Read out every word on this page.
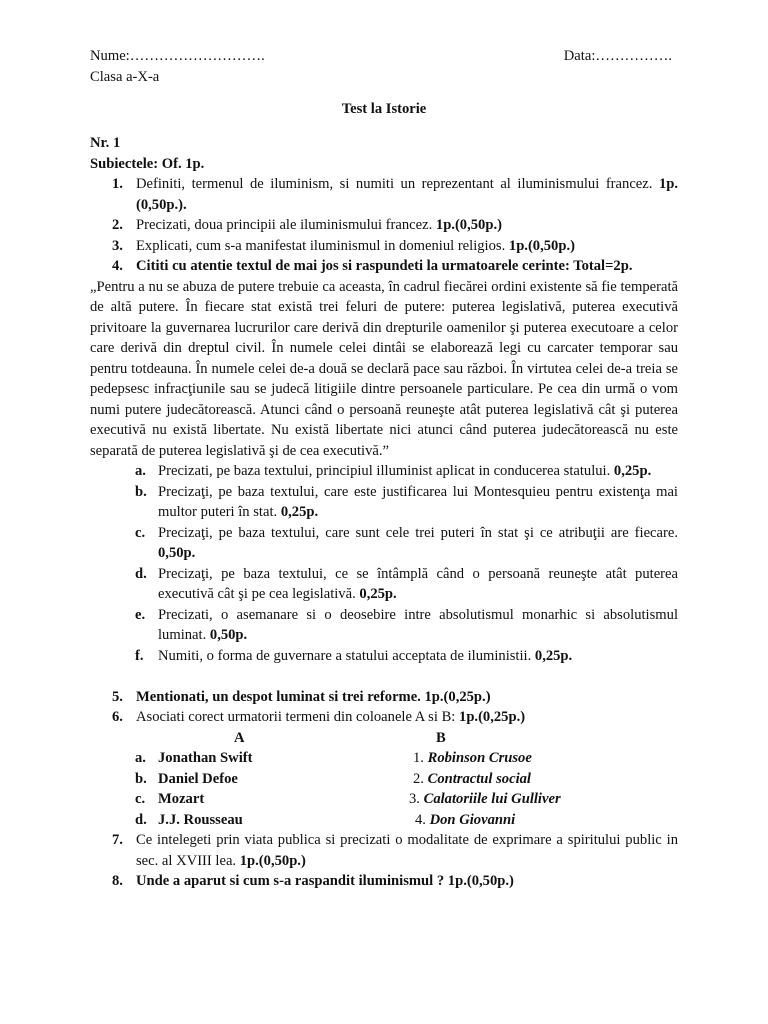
Nume:……………………….	Data:…………….
Clasa a-X-a
Test la Istorie
Nr. 1
Subiectele: Of. 1p.
1. Definiti, termenul de iluminism, si numiti un reprezentant al iluminismului francez. 1p. (0,50p.).
2. Precizati, doua principii ale iluminismului francez. 1p.(0,50p.)
3. Explicati, cum s-a manifestat iluminismul in domeniul religios. 1p.(0,50p.)
4. Cititi cu atentie textul de mai jos si raspundeti la urmatoarele cerinte: Total=2p.
„Pentru a nu se abuza de putere trebuie ca aceasta, în cadrul fiecărei ordini existente să fie temperată de altă putere. În fiecare stat există trei feluri de putere: puterea legislativă, puterea executivă privitoare la guvernarea lucrurilor care derivă din drepturile oamenilor şi puterea executoare a celor care derivă din dreptul civil. În numele celei dintâi se elaborează legi cu carcater temporar sau pentru totdeauna. În numele celei de-a două se declară pace sau război. În virtutea celei de-a treia se pedepsesc infracţiunile sau se judecă litigiile dintre persoanele particulare. Pe cea din urmă o vom numi putere judecătorească. Atunci când o persoană reuneşte atât puterea legislativă cât şi puterea executivă nu există libertate. Nu există libertate nici atunci când puterea judecătorească nu este separată de puterea legislativă şi de cea executivă.”
a. Precizati, pe baza textului, principiul illuminist aplicat in conducerea statului. 0,25p.
b. Precizaţi, pe baza textului, care este justificarea lui Montesquieu pentru existenţa mai multor puteri în stat. 0,25p.
c. Precizaţi, pe baza textului, care sunt cele trei puteri în stat şi ce atribuţii are fiecare. 0,50p.
d. Precizaţi, pe baza textului, ce se întâmplă când o persoană reuneşte atât puterea executivă cât şi pe cea legislativă. 0,25p.
e. Precizati, o asemanare si o deosebire intre absolutismul monarhic si absolutismul luminat. 0,50p.
f. Numiti, o forma de guvernare a statului acceptata de iluministii. 0,25p.
5. Mentionati, un despot luminat si trei reforme. 1p.(0,25p.)
6. Asociati corect urmatorii termeni din coloanele A si B: 1p.(0,25p.)
A	B
a. Jonathan Swift	1. Robinson Crusoe
b. Daniel Defoe	2. Contractul social
c. Mozart	3. Calatoriile lui Gulliver
d. J.J. Rousseau	4. Don Giovanni
7. Ce intelegeti prin viata publica si precizati o modalitate de exprimare a spiritului public in sec. al XVIII lea. 1p.(0,50p.)
8. Unde a aparut si cum s-a raspandit iluminismul ? 1p.(0,50p.)
